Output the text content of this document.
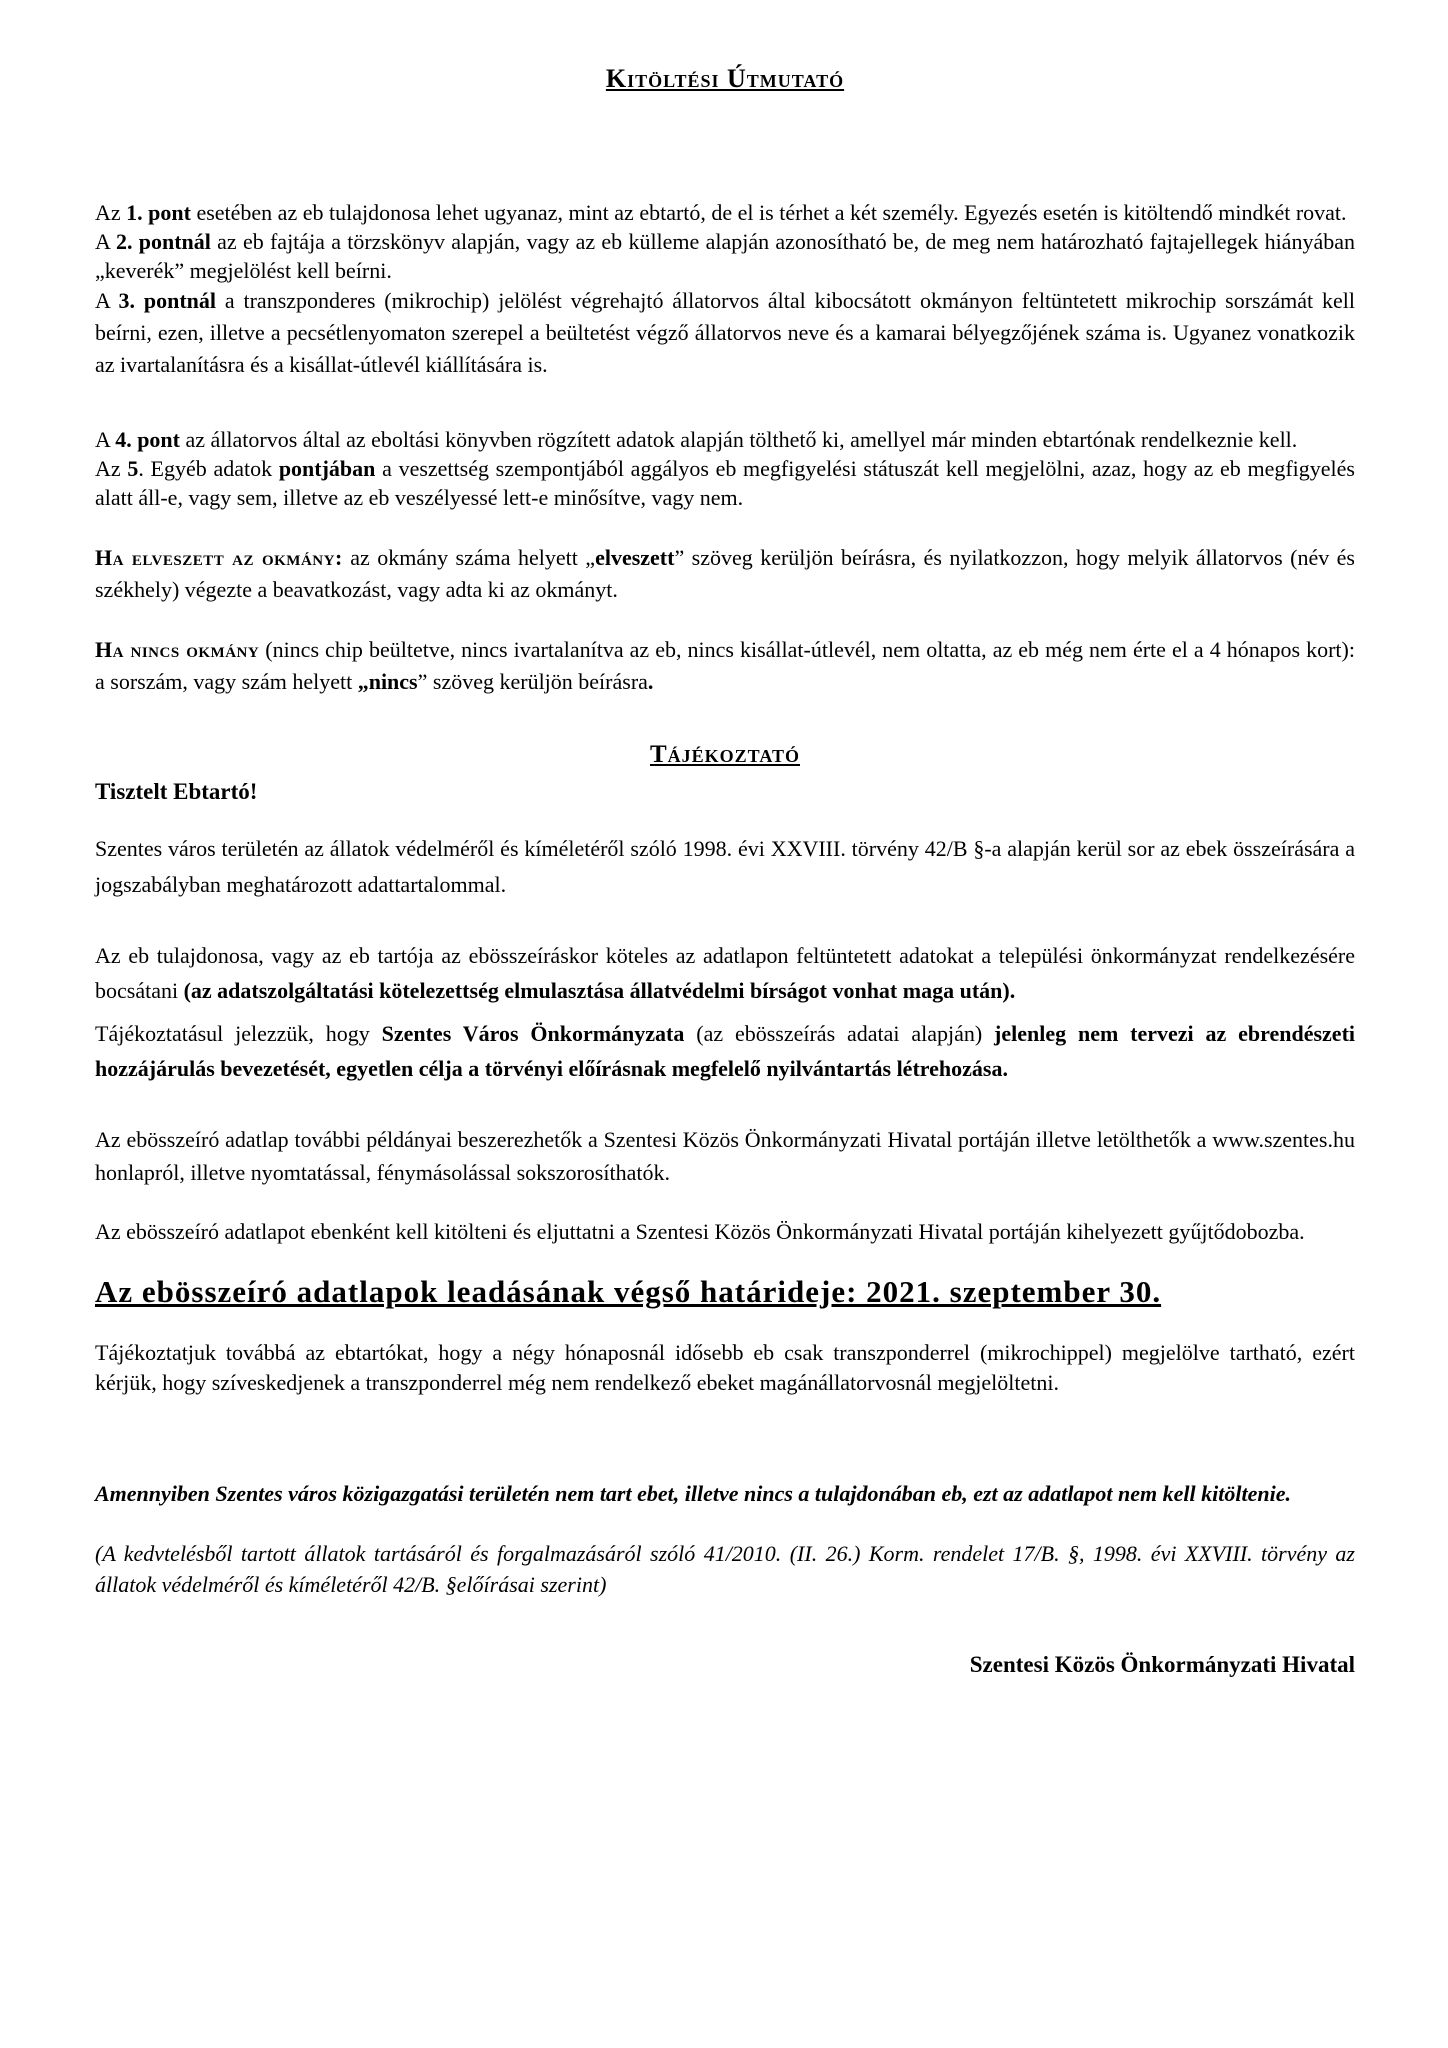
Kitöltési Útmutató

Az 1. pont esetében az eb tulajdonosa lehet ugyanaz, mint az ebtartó, de el is térhet a két személy. Egyezés esetén is kitöltendő mindkét rovat.

A 2. pontnál az eb fajtája a törzskönyv alapján, vagy az eb külleme alapján azonosítható be, de meg nem határozható fajtajellegek hiányában „keverék” megjelölést kell beírni.

A 3. pontnál a transzponderes (mikrochip) jelölést végrehajtó állatorvos által kibocsátott okmányon feltüntetett mikrochip sorszámát kell beírni, ezen, illetve a pecsétlenyomaton szerepel a beültetést végző állatorvos neve és a kamarai bélyegzőjének száma is. Ugyanez vonatkozik az ivartalanításra és a kisállat-útlevél kiállítására is.

A 4. pont az állatorvos által az eboltási könyvben rögzített adatok alapján tölthető ki, amellyel már minden ebtartónak rendelkeznie kell.

Az 5. Egyéb adatok pontjában a veszettség szempontjából aggályos eb megfigyelési státuszát kell megjelölni, azaz, hogy az eb megfigyelés alatt áll-e, vagy sem, illetve az eb veszélyessé lett-e minősítve, vagy nem.

Ha elveszett az okmány: az okmány száma helyett „elveszett” szöveg kerüljön beírásra, és nyilatkozzon, hogy melyik állatorvos (név és székhely) végezte a beavatkozást, vagy adta ki az okmányt.

Ha nincs okmány (nincs chip beültetve, nincs ivartalanítva az eb, nincs kisállat-útlevél, nem oltatta, az eb még nem érte el a 4 hónapos kort): a sorszám, vagy szám helyett „nincs” szöveg kerüljön beírásra.

Tájékoztató

Tisztelt Ebtartó!

Szentes város területén az állatok védelméről és kíméletéről szóló 1998. évi XXVIII. törvény 42/B §-a alapján kerül sor az ebek összeírására a jogszabályban meghatározott adattartalommal.

Az eb tulajdonosa, vagy az eb tartója az ebösszeíráskor köteles az adatlapon feltüntetett adatokat a települési önkormányzat rendelkezésére bocsátani (az adatszolgáltatási kötelezettség elmulasztása állatvédelmi bírságot vonhat maga után).

Tájékoztatásul jelezzük, hogy Szentes Város Önkormányzata (az ebösszeírás adatai alapján) jelenleg nem tervezi az ebrendészeti hozzájárulás bevezetését, egyetlen célja a törvényi előírásnak megfelelő nyilvántartás létrehozása.

Az ebösszeíró adatlap további példányai beszerezhetők a Szentesi Közös Önkormányzati Hivatal portáján illetve letölthetők a www.szentes.hu honlapról, illetve nyomtatással, fénymásolással sokszorosíthatók.

Az ebösszeíró adatlapot ebenként kell kitölteni és eljuttatni a Szentesi Közös Önkormányzati Hivatal portáján kihelyezett gyűjtődobozba.

Az ebösszeíró adatlapok leadásának végső határideje: 2021. szeptember 30.

Tájékoztatjuk továbbá az ebtartókat, hogy a négy hónaposnál idősebb eb csak transzponderrel (mikrochippel) megjelölve tartható, ezért kérjük, hogy szíveskedjenek a transzponderrel még nem rendelkező ebeket magánállatorvosnál megjelöltetni.

Amennyiben Szentes város közigazgatási területén nem tart ebet, illetve nincs a tulajdonában eb, ezt az adatlapot nem kell kitöltenie.

(A kedvtelésből tartott állatok tartásáról és forgalmazásáról szóló 41/2010. (II. 26.) Korm. rendelet 17/B. §, 1998. évi XXVIII. törvény az állatok védelméről és kíméletéről 42/B. §előírásai szerint)

Szentesi Közös Önkormányzati Hivatal
